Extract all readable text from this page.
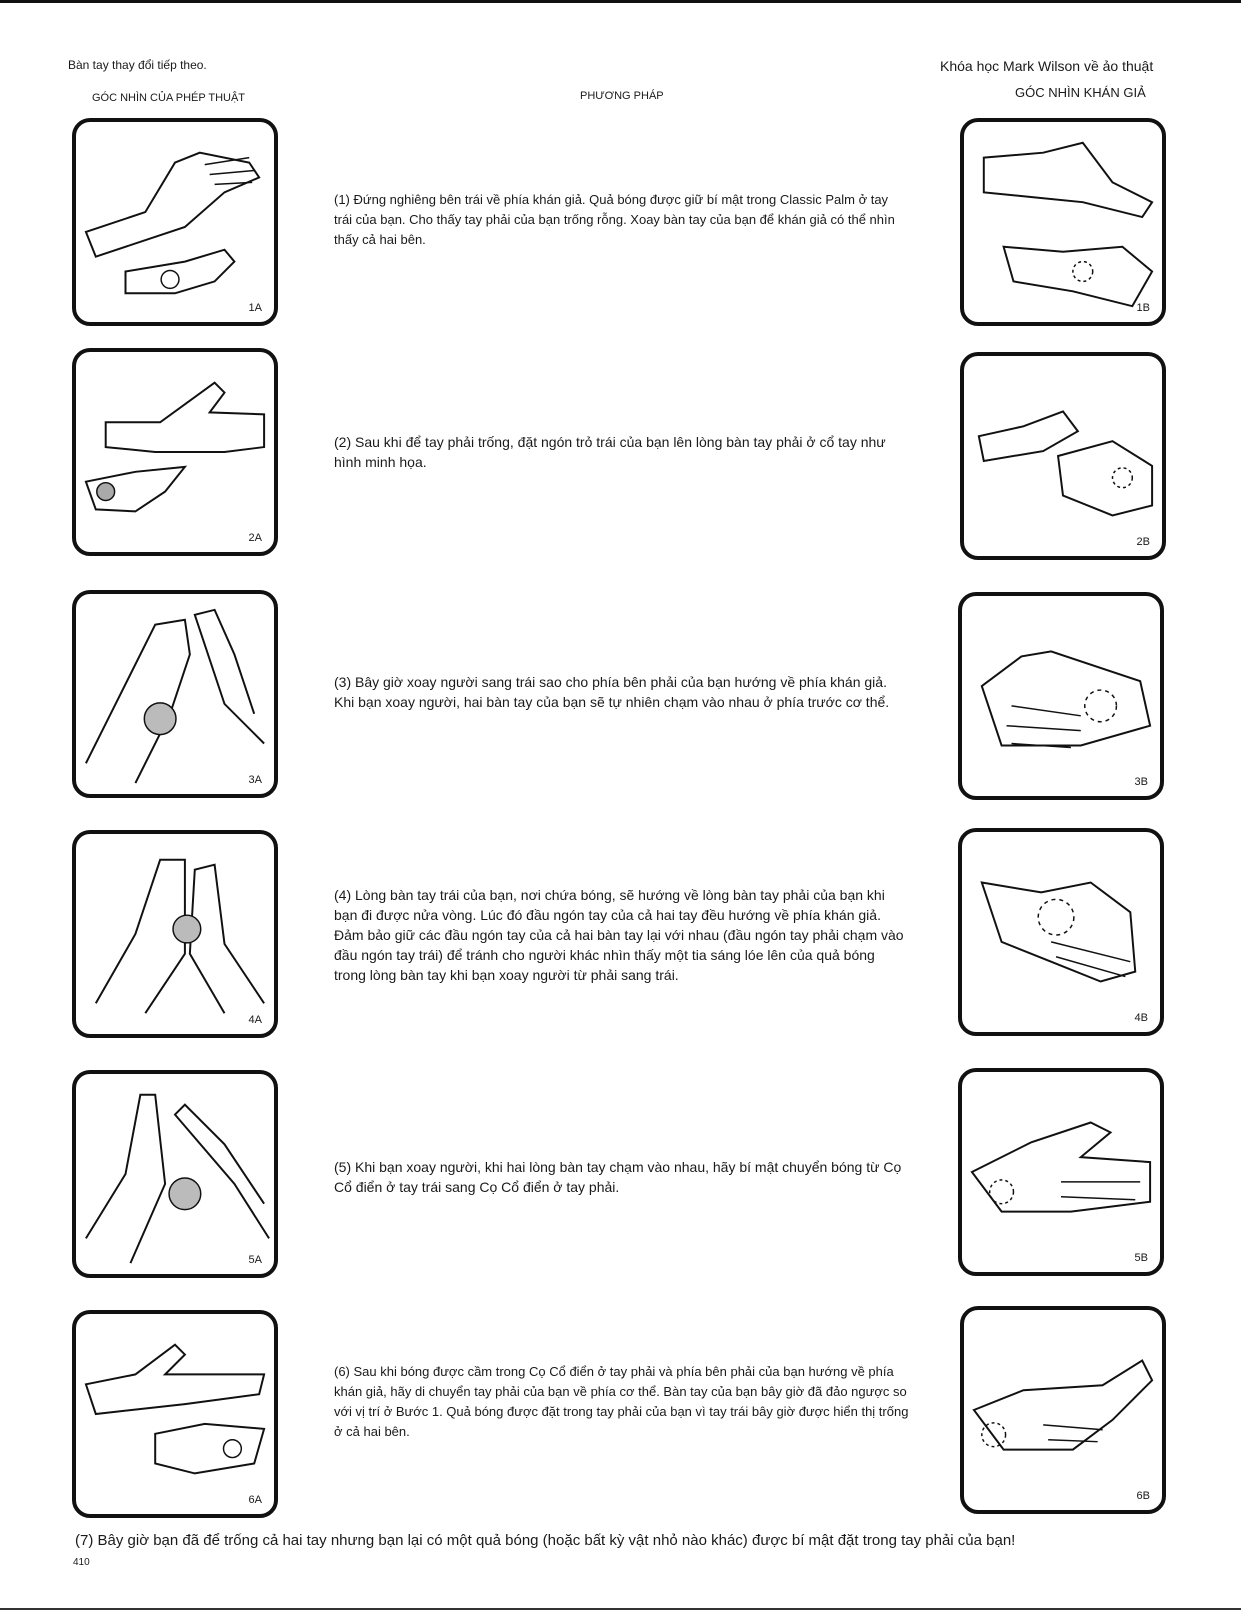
Bàn tay thay đổi tiếp theo.	Khóa học Mark Wilson về ảo thuật
GÓC NHÌN CỦA PHÉP THUẬT	PHƯƠNG PHÁP	GÓC NHÌN KHÁN GIẢ
1A
(1) Đứng nghiêng bên trái về phía khán giả. Quả bóng được giữ bí mật trong Classic Palm ở tay trái của bạn. Cho thấy tay phải của bạn trống rỗng. Xoay bàn tay của bạn để khán giả có thể nhìn thấy cả hai bên.
1B
2A
(2) Sau khi để tay phải trống, đặt ngón trỏ trái của bạn lên lòng bàn tay phải ở cổ tay như hình minh họa.
2B
3A
(3) Bây giờ xoay người sang trái sao cho phía bên phải của bạn hướng về phía khán giả. Khi bạn xoay người, hai bàn tay của bạn sẽ tự nhiên chạm vào nhau ở phía trước cơ thể.
3B
4A
(4) Lòng bàn tay trái của bạn, nơi chứa bóng, sẽ hướng về lòng bàn tay phải của bạn khi bạn đi được nửa vòng. Lúc đó đầu ngón tay của cả hai tay đều hướng về phía khán giả. Đảm bảo giữ các đầu ngón tay của cả hai bàn tay lại với nhau (đầu ngón tay phải chạm vào đầu ngón tay trái) để tránh cho người khác nhìn thấy một tia sáng lóe lên của quả bóng trong lòng bàn tay khi bạn xoay người từ phải sang trái.
4B
5A
(5) Khi bạn xoay người, khi hai lòng bàn tay chạm vào nhau, hãy bí mật chuyển bóng từ Cọ Cổ điển ở tay trái sang Cọ Cổ điển ở tay phải.
5B
6A
(6) Sau khi bóng được cầm trong Cọ Cổ điển ở tay phải và phía bên phải của bạn hướng về phía khán giả, hãy di chuyển tay phải của bạn về phía cơ thể. Bàn tay của bạn bây giờ đã đảo ngược so với vị trí ở Bước 1. Quả bóng được đặt trong tay phải của bạn vì tay trái bây giờ được hiển thị trống ở cả hai bên.
6B
(7) Bây giờ bạn đã để trống cả hai tay nhưng bạn lại có một quả bóng (hoặc bất kỳ vật nhỏ nào khác) được bí mật đặt trong tay phải của bạn!
410
